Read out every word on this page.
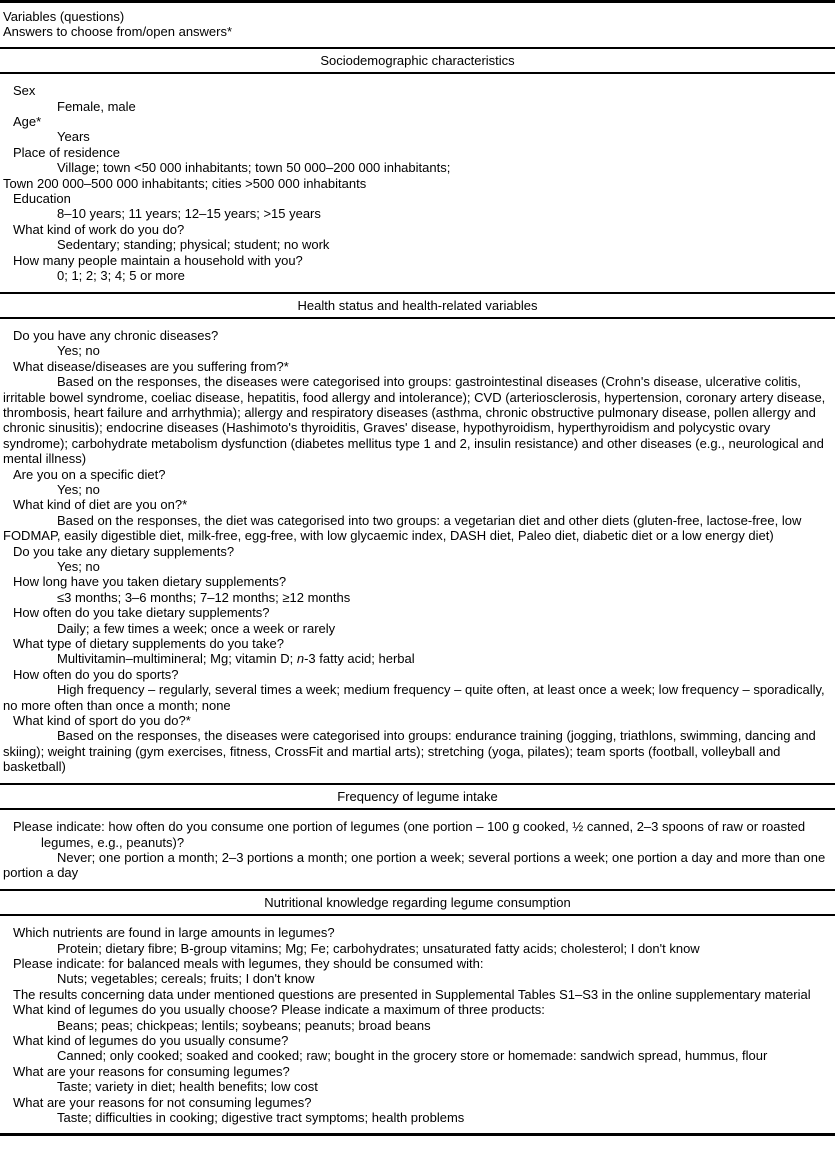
Variables (questions)

Answers to choose from/open answers*

Sociodemographic characteristics

Sex

Female, male

Age*

Years

Place of residence

Village; town <50 000 inhabitants; town 50 000–200 000 inhabitants;
Town 200 000–500 000 inhabitants; cities >500 000 inhabitants

Education

8–10 years; 11 years; 12–15 years; >15 years

What kind of work do you do?

Sedentary; standing; physical; student; no work

How many people maintain a household with you?

0; 1; 2; 3; 4; 5 or more

Health status and health-related variables

Do you have any chronic diseases?

Yes; no

What disease/diseases are you suffering from?*

Based on the responses, the diseases were categorised into groups: gastrointestinal diseases (Crohn's disease, ulcerative colitis, irritable bowel syndrome, coeliac disease, hepatitis, food allergy and intolerance); CVD (arteriosclerosis, hypertension, coronary artery disease, thrombosis, heart failure and arrhythmia); allergy and respiratory diseases (asthma, chronic obstructive pulmonary disease, pollen allergy and chronic sinusitis); endocrine diseases (Hashimoto's thyroiditis, Graves' disease, hypothyroidism, hyperthyroidism and polycystic ovary syndrome); carbohydrate metabolism dysfunction (diabetes mellitus type 1 and 2, insulin resistance) and other diseases (e.g., neurological and mental illness)

Are you on a specific diet?

Yes; no

What kind of diet are you on?*

Based on the responses, the diet was categorised into two groups: a vegetarian diet and other diets (gluten-free, lactose-free, low FODMAP, easily digestible diet, milk-free, egg-free, with low glycaemic index, DASH diet, Paleo diet, diabetic diet or a low energy diet)

Do you take any dietary supplements?

Yes; no

How long have you taken dietary supplements?

≤3 months; 3–6 months; 7–12 months; ≥12 months

How often do you take dietary supplements?

Daily; a few times a week; once a week or rarely

What type of dietary supplements do you take?

Multivitamin–multimineral; Mg; vitamin D; n-3 fatty acid; herbal

How often do you do sports?

High frequency – regularly, several times a week; medium frequency – quite often, at least once a week; low frequency – sporadically, no more often than once a month; none

What kind of sport do you do?*

Based on the responses, the diseases were categorised into groups: endurance training (jogging, triathlons, swimming, dancing and skiing); weight training (gym exercises, fitness, CrossFit and martial arts); stretching (yoga, pilates); team sports (football, volleyball and basketball)

Frequency of legume intake

Please indicate: how often do you consume one portion of legumes (one portion – 100 g cooked, ½ canned, 2–3 spoons of raw or roasted legumes, e.g., peanuts)?

Never; one portion a month; 2–3 portions a month; one portion a week; several portions a week; one portion a day and more than one portion a day

Nutritional knowledge regarding legume consumption

Which nutrients are found in large amounts in legumes?

Protein; dietary fibre; B-group vitamins; Mg; Fe; carbohydrates; unsaturated fatty acids; cholesterol; I don't know

Please indicate: for balanced meals with legumes, they should be consumed with:

Nuts; vegetables; cereals; fruits; I don't know

The results concerning data under mentioned questions are presented in Supplemental Tables S1–S3 in the online supplementary material

What kind of legumes do you usually choose? Please indicate a maximum of three products:

Beans; peas; chickpeas; lentils; soybeans; peanuts; broad beans

What kind of legumes do you usually consume?

Canned; only cooked; soaked and cooked; raw; bought in the grocery store or homemade: sandwich spread, hummus, flour

What are your reasons for consuming legumes?

Taste; variety in diet; health benefits; low cost

What are your reasons for not consuming legumes?

Taste; difficulties in cooking; digestive tract symptoms; health problems
